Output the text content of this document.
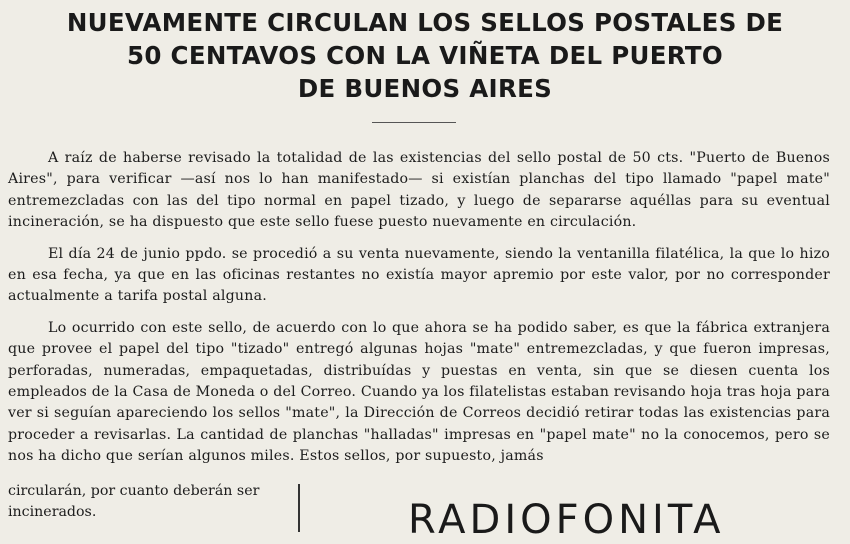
NUEVAMENTE CIRCULAN LOS SELLOS POSTALES DE
50 CENTAVOS CON LA VIÑETA DEL PUERTO
DE BUENOS AIRES

A raíz de haberse revisado la totalidad de las existencias del sello postal de 50 cts. "Puerto de Buenos Aires", para verificar —así nos lo han manifestado— si existían planchas del tipo llamado "papel mate" entremezcladas con las del tipo normal en papel tizado, y luego de separarse aquéllas para su eventual incineración, se ha dispuesto que este sello fuese puesto nuevamente en circulación.

El día 24 de junio ppdo. se procedió a su venta nuevamente, siendo la ventanilla filatélica, la que lo hizo en esa fecha, ya que en las oficinas restantes no existía mayor apremio por este valor, por no corresponder actualmente a tarifa postal alguna.

Lo ocurrido con este sello, de acuerdo con lo que ahora se ha podido saber, es que la fábrica extranjera que provee el papel del tipo "tizado" entregó algunas hojas "mate" entremezcladas, y que fueron impresas, perforadas, numeradas, empaquetadas, distribuídas y puestas en venta, sin que se diesen cuenta los empleados de la Casa de Moneda o del Correo. Cuando ya los filatelistas estaban revisando hoja tras hoja para ver si seguían apareciendo los sellos "mate", la Dirección de Correos decidió retirar todas las existencias para proceder a revisarlas. La cantidad de planchas "halladas" impresas en "papel mate" no la conocemos, pero se nos ha dicho que serían algunos miles. Estos sellos, por supuesto, jamás

circularán, por cuanto deberán ser incinerados.	RADIOFONITA
